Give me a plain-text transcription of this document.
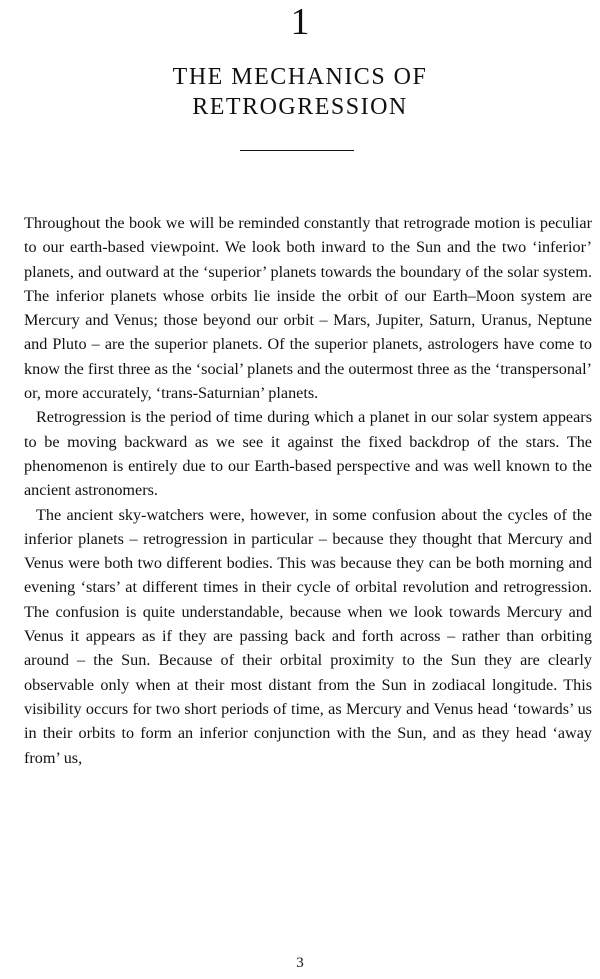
1
THE MECHANICS OF
RETROGRESSION

Throughout the book we will be reminded constantly that retrograde motion is peculiar to our earth-based viewpoint. We look both inward to the Sun and the two ‘inferior’ planets, and outward at the ‘superior’ planets towards the boundary of the solar system. The inferior planets whose orbits lie inside the orbit of our Earth–Moon system are Mercury and Venus; those beyond our orbit – Mars, Jupiter, Saturn, Uranus, Neptune and Pluto – are the superior planets. Of the superior planets, astrologers have come to know the first three as the ‘social’ planets and the outermost three as the ‘transpersonal’ or, more accurately, ‘trans-Saturnian’ planets.

Retrogression is the period of time during which a planet in our solar system appears to be moving backward as we see it against the fixed backdrop of the stars. The phenomenon is entirely due to our Earth-based perspective and was well known to the ancient astronomers.

The ancient sky-watchers were, however, in some confusion about the cycles of the inferior planets – retrogression in particular – because they thought that Mercury and Venus were both two different bodies. This was because they can be both morning and evening ‘stars’ at different times in their cycle of orbital revolution and retrogression. The confusion is quite understandable, because when we look towards Mercury and Venus it appears as if they are passing back and forth across – rather than orbiting around – the Sun. Because of their orbital proximity to the Sun they are clearly observable only when at their most distant from the Sun in zodiacal longitude. This visibility occurs for two short periods of time, as Mercury and Venus head ‘towards’ us in their orbits to form an inferior conjunction with the Sun, and as they head ‘away from’ us,

3
